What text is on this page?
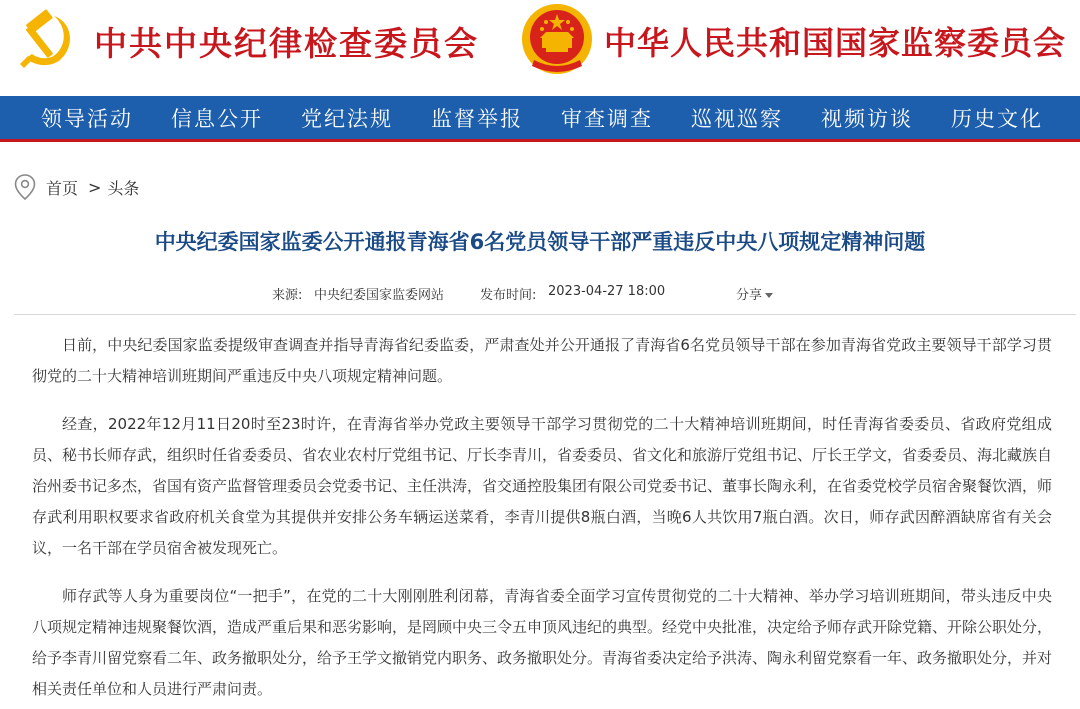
中共中央纪律检查委员会	中华人民共和国国家监察委员会
领导活动	信息公开	党纪法规	监督举报	审查调查	巡视巡察	视频访谈	历史文化
首页 > 头条
中央纪委国家监委公开通报青海省6名党员领导干部严重违反中央八项规定精神问题
来源: 中央纪委国家监委网站	发布时间: 2023-04-27 18:00	分享

日前，中央纪委国家监委提级审查调查并指导青海省纪委监委，严肃查处并公开通报了青海省6名党员领导干部在参加青海省党政主要领导干部学习贯彻党的二十大精神培训班期间严重违反中央八项规定精神问题。

经查，2022年12月11日20时至23时许，在青海省举办党政主要领导干部学习贯彻党的二十大精神培训班期间，时任青海省委委员、省政府党组成员、秘书长师存武，组织时任省委委员、省农业农村厅党组书记、厅长李青川，省委委员、省文化和旅游厅党组书记、厅长王学文，省委委员、海北藏族自治州委书记多杰，省国有资产监督管理委员会党委书记、主任洪涛，省交通控股集团有限公司党委书记、董事长陶永利，在省委党校学员宿舍聚餐饮酒，师存武利用职权要求省政府机关食堂为其提供并安排公务车辆运送菜肴，李青川提供8瓶白酒，当晚6人共饮用7瓶白酒。次日，师存武因醉酒缺席省有关会议，一名干部在学员宿舍被发现死亡。

师存武等人身为重要岗位“一把手”，在党的二十大刚刚胜利闭幕，青海省委全面学习宣传贯彻党的二十大精神、举办学习培训班期间，带头违反中央八项规定精神违规聚餐饮酒，造成严重后果和恶劣影响，是罔顾中央三令五申顶风违纪的典型。经党中央批准，决定给予师存武开除党籍、开除公职处分，给予李青川留党察看二年、政务撤职处分，给予王学文撤销党内职务、政务撤职处分。青海省委决定给予洪涛、陶永利留党察看一年、政务撤职处分，并对相关责任单位和人员进行严肃问责。
